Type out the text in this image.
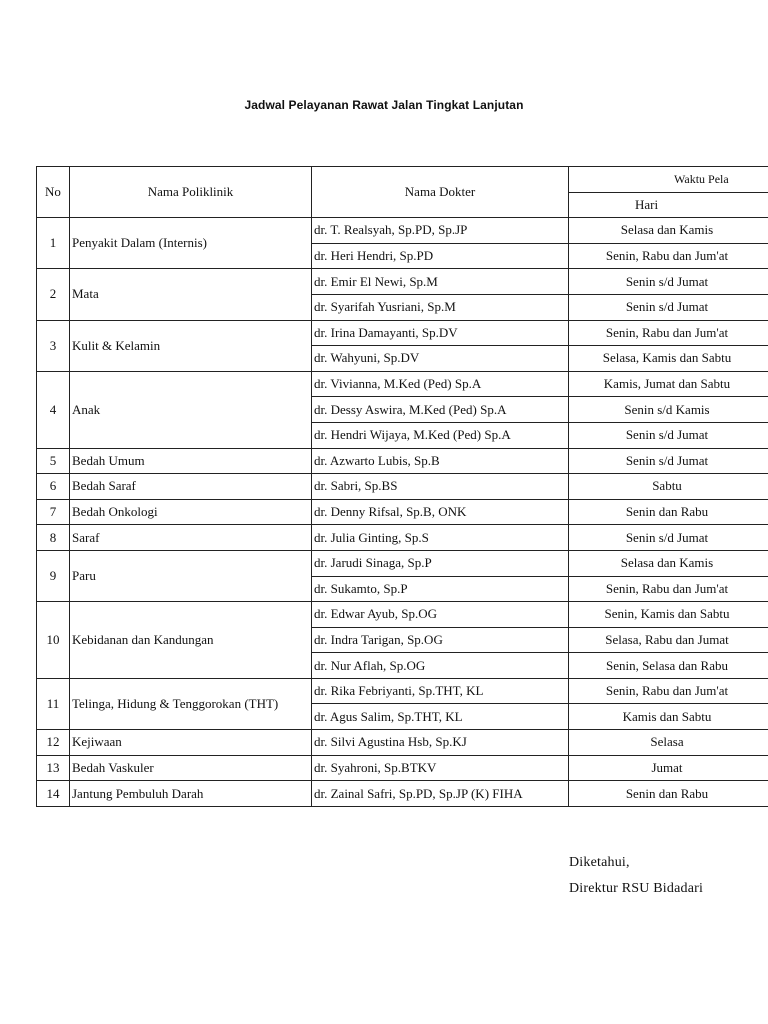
Jadwal Pelayanan Rawat Jalan Tingkat Lanjutan
No	Nama Poliklinik	Nama Dokter	Waktu Pela
			Hari
1	Penyakit Dalam (Internis)	dr. T. Realsyah, Sp.PD, Sp.JP	Selasa dan Kamis
		dr. Heri Hendri, Sp.PD	Senin, Rabu dan Jum'at
2	Mata	dr. Emir El Newi, Sp.M	Senin s/d Jumat
		dr. Syarifah Yusriani, Sp.M	Senin s/d Jumat
3	Kulit & Kelamin	dr. Irina Damayanti, Sp.DV	Senin, Rabu dan Jum'at
		dr. Wahyuni, Sp.DV	Selasa, Kamis dan Sabtu
4	Anak	dr. Vivianna, M.Ked (Ped) Sp.A	Kamis, Jumat dan Sabtu
		dr. Dessy Aswira, M.Ked (Ped) Sp.A	Senin s/d Kamis
		dr. Hendri Wijaya, M.Ked (Ped) Sp.A	Senin s/d Jumat
5	Bedah Umum	dr. Azwarto Lubis, Sp.B	Senin s/d Jumat
6	Bedah Saraf	dr. Sabri, Sp.BS	Sabtu
7	Bedah Onkologi	dr. Denny Rifsal, Sp.B, ONK	Senin dan Rabu
8	Saraf	dr. Julia Ginting, Sp.S	Senin s/d Jumat
9	Paru	dr. Jarudi Sinaga, Sp.P	Selasa dan Kamis
		dr. Sukamto, Sp.P	Senin, Rabu dan Jum'at
10	Kebidanan dan Kandungan	dr. Edwar Ayub, Sp.OG	Senin, Kamis dan Sabtu
		dr. Indra Tarigan, Sp.OG	Selasa, Rabu dan Jumat
		dr. Nur Aflah, Sp.OG	Senin, Selasa dan Rabu
11	Telinga, Hidung & Tenggorokan (THT)	dr. Rika Febriyanti, Sp.THT, KL	Senin, Rabu dan Jum'at
		dr. Agus Salim, Sp.THT, KL	Kamis dan Sabtu
12	Kejiwaan	dr. Silvi Agustina Hsb, Sp.KJ	Selasa
13	Bedah Vaskuler	dr. Syahroni, Sp.BTKV	Jumat
14	Jantung Pembuluh Darah	dr. Zainal Safri, Sp.PD, Sp.JP (K) FIHA	Senin dan Rabu
Diketahui,
Direktur RSU Bidadari
